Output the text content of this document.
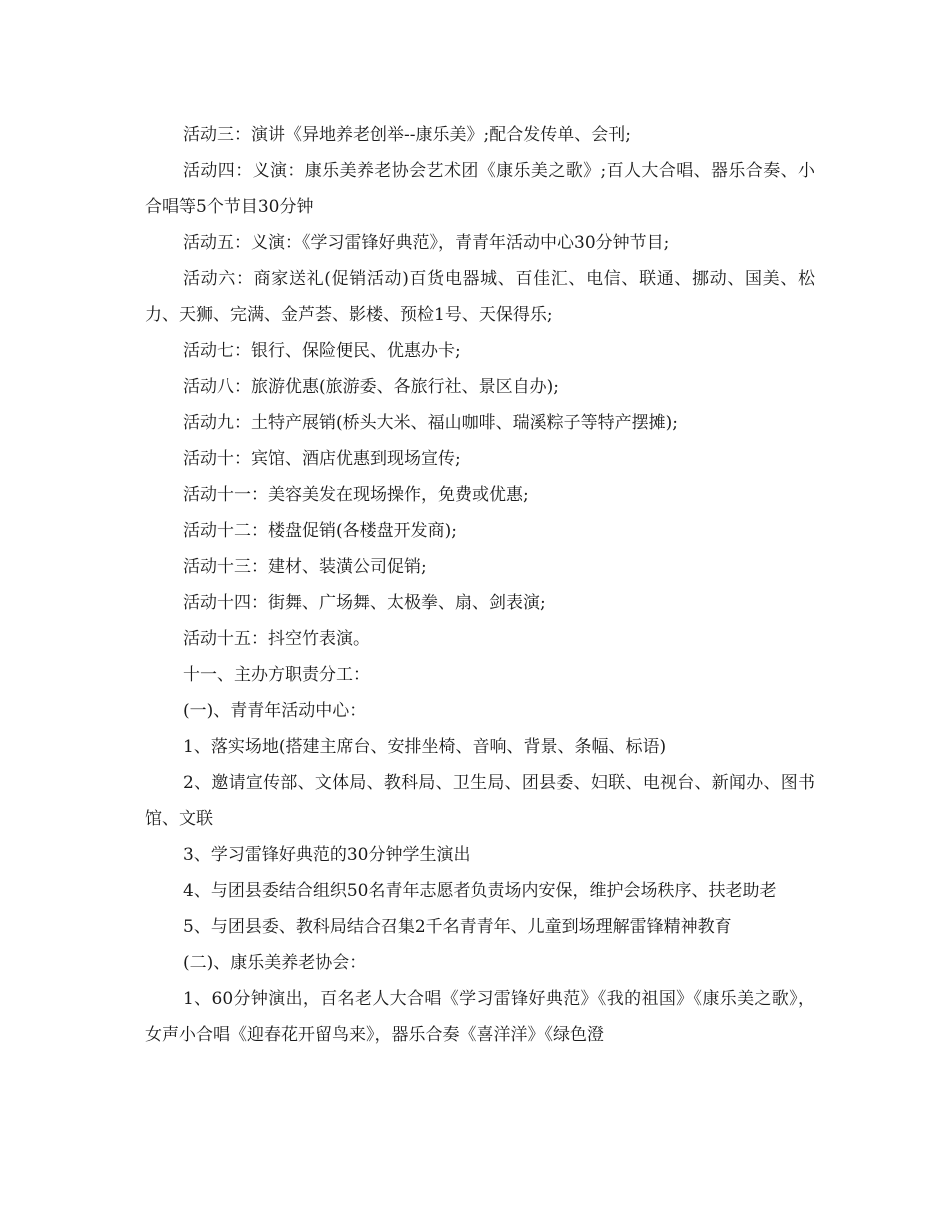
活动三：演讲《异地养老创举--康乐美》;配合发传单、会刊;

活动四：义演：康乐美养老协会艺术团《康乐美之歌》;百人大合唱、器乐合奏、小合唱等5个节目30分钟

活动五：义演：《学习雷锋好典范》，青青年活动中心30分钟节目;

活动六：商家送礼(促销活动)百货电器城、百佳汇、电信、联通、挪动、国美、松力、天狮、完满、金芦荟、影楼、预检1号、天保得乐;

活动七：银行、保险便民、优惠办卡;

活动八：旅游优惠(旅游委、各旅行社、景区自办);

活动九：土特产展销(桥头大米、福山咖啡、瑞溪粽子等特产摆摊);

活动十：宾馆、酒店优惠到现场宣传;

活动十一：美容美发在现场操作，免费或优惠;

活动十二：楼盘促销(各楼盘开发商);

活动十三：建材、装潢公司促销;

活动十四：街舞、广场舞、太极拳、扇、剑表演;

活动十五：抖空竹表演。

十一、主办方职责分工：

(一)、青青年活动中心：

1、落实场地(搭建主席台、安排坐椅、音响、背景、条幅、标语)

2、邀请宣传部、文体局、教科局、卫生局、团县委、妇联、电视台、新闻办、图书馆、文联

3、学习雷锋好典范的30分钟学生演出

4、与团县委结合组织50名青年志愿者负责场内安保，维护会场秩序、扶老助老

5、与团县委、教科局结合召集2千名青青年、儿童到场理解雷锋精神教育

(二)、康乐美养老协会：

1、60分钟演出，百名老人大合唱《学习雷锋好典范》《我的祖国》《康乐美之歌》，女声小合唱《迎春花开留鸟来》，器乐合奏《喜洋洋》《绿色澄
